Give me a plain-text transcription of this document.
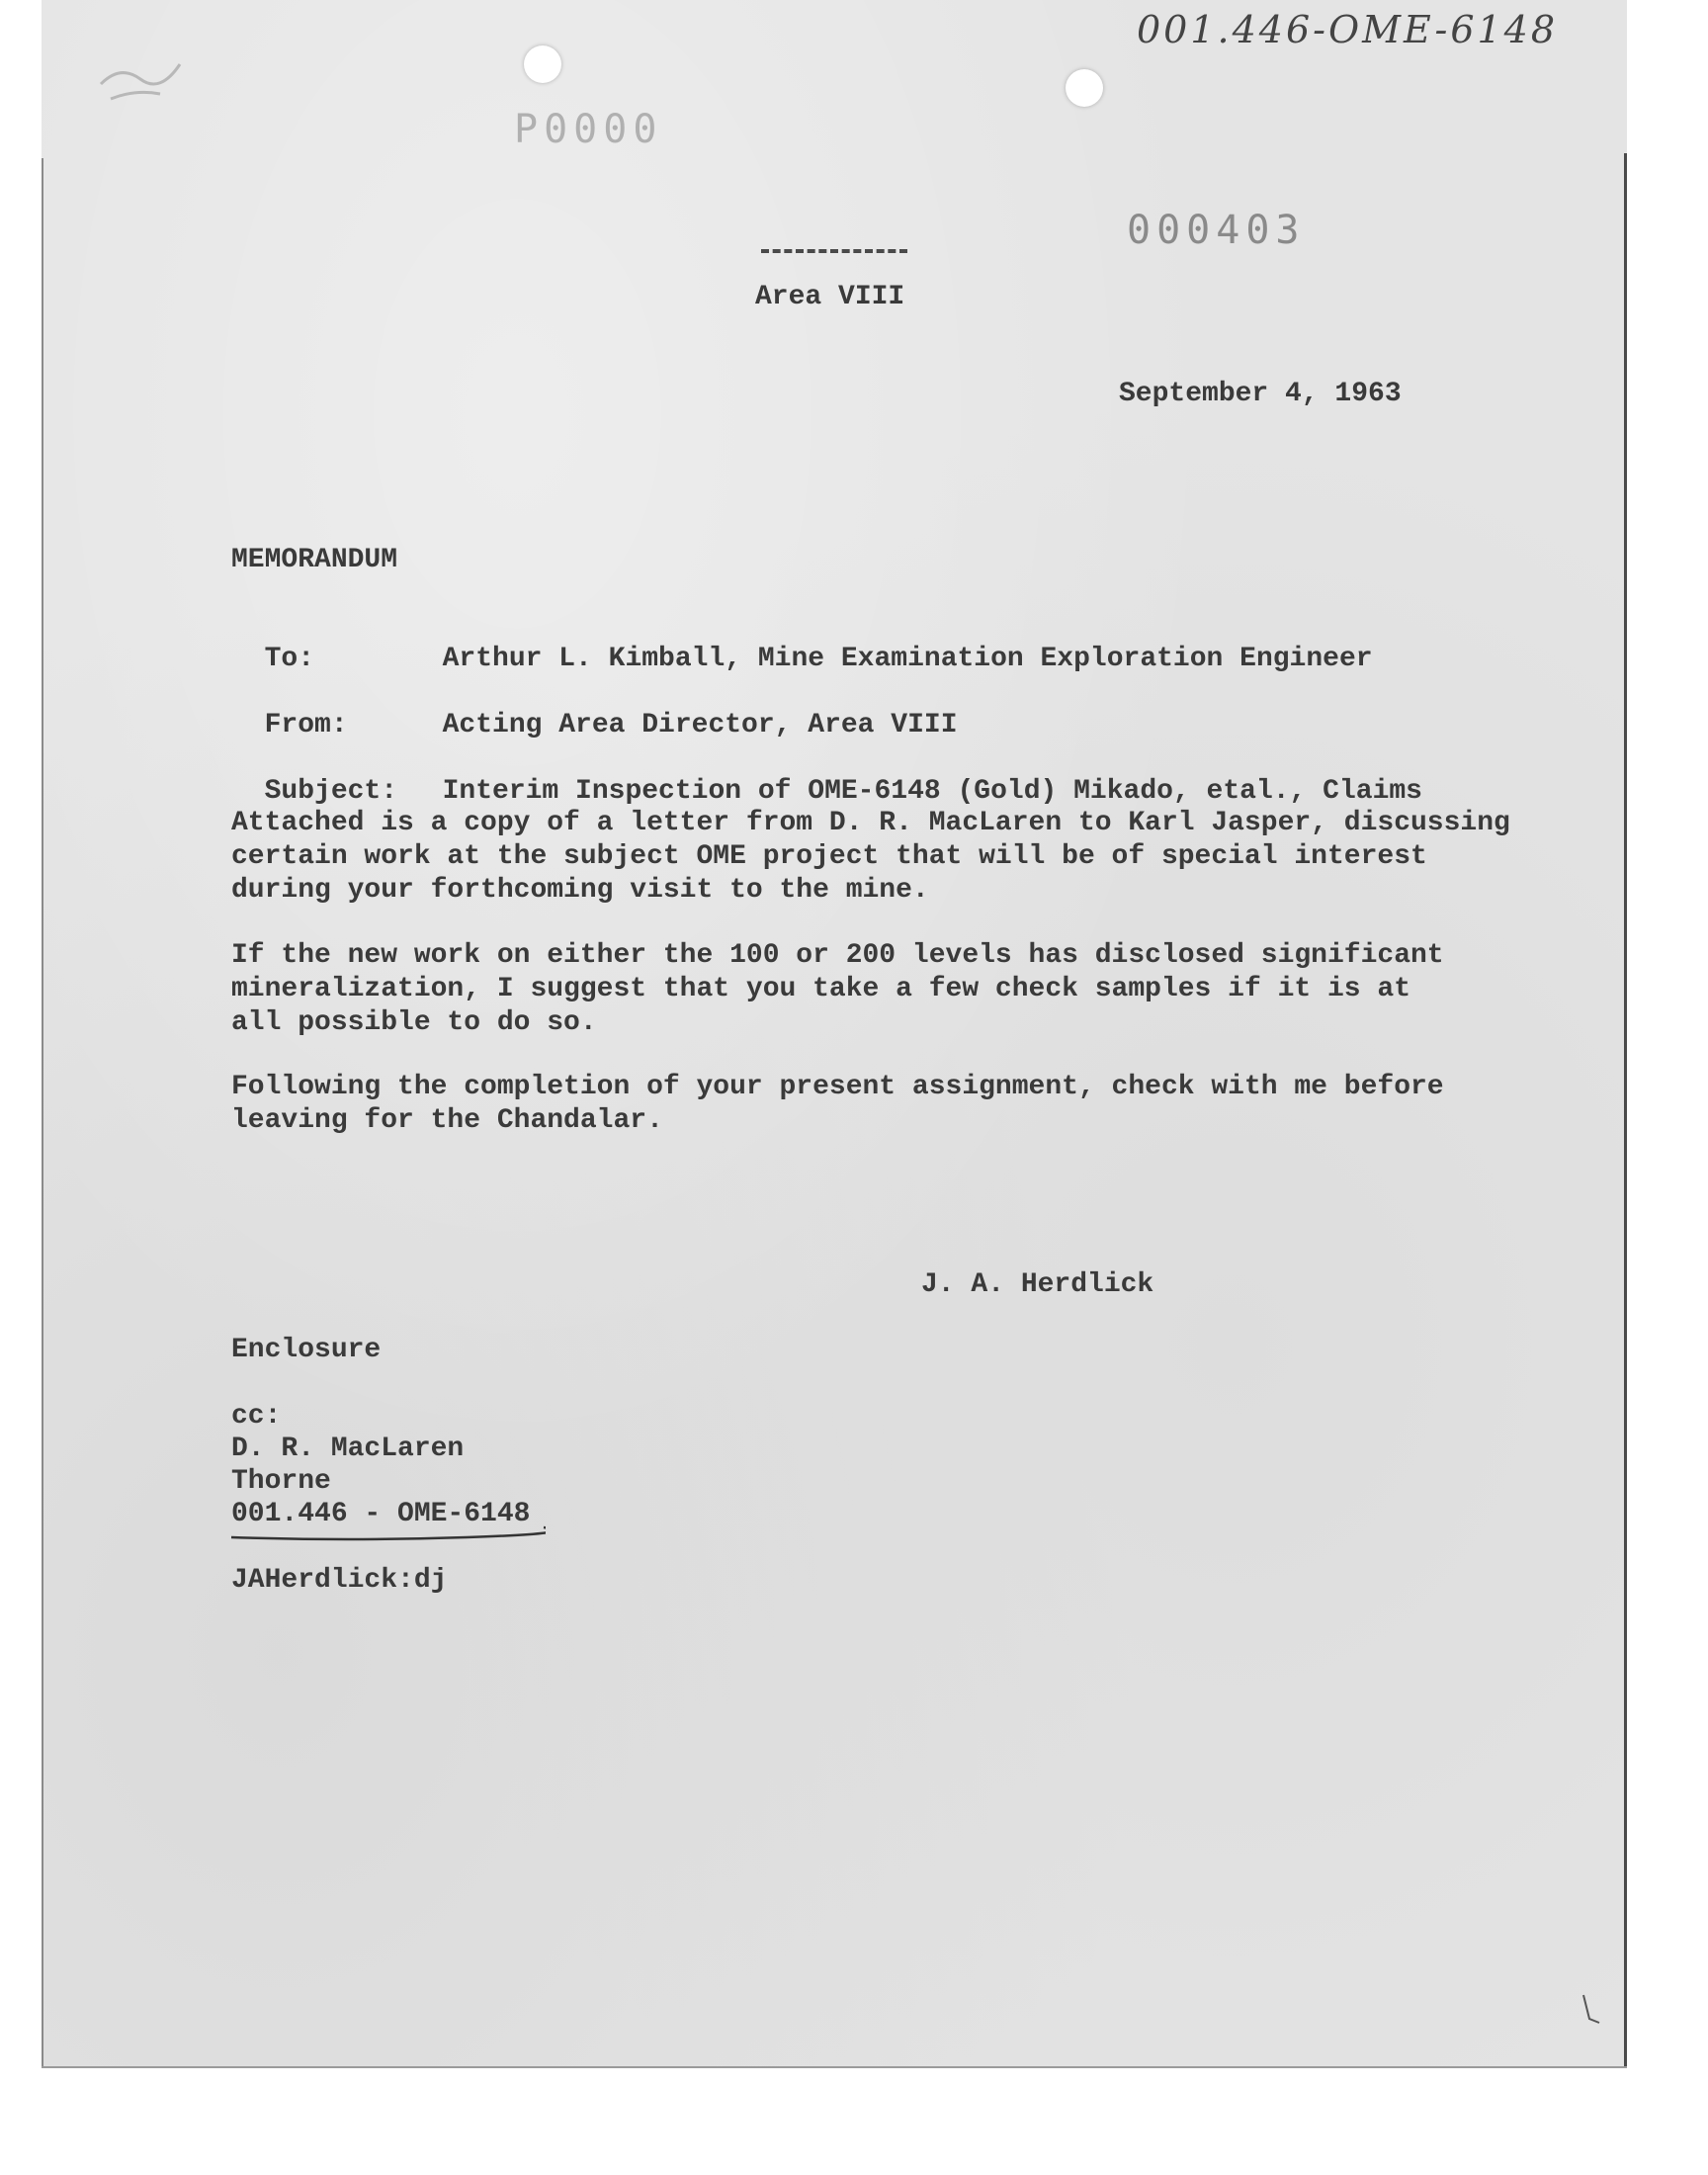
001.446-OME-6148
P0000
000403
Area VIII
September 4, 1963
MEMORANDUM

To:	Arthur L. Kimball, Mine Examination Exploration Engineer

From:	Acting Area Director, Area VIII

Subject: Interim Inspection of OME-6148 (Gold) Mikado, etal., Claims

Attached is a copy of a letter from D. R. MacLaren to Karl Jasper, discussing
certain work at the subject OME project that will be of special interest
during your forthcoming visit to the mine.
If the new work on either the 100 or 200 levels has disclosed significant
mineralization, I suggest that you take a few check samples if it is at
all possible to do so.
Following the completion of your present assignment, check with me before
leaving for the Chandalar.
J. A. Herdlick
Enclosure
cc:
D. R. MacLaren
Thorne
001.446 - OME-6148
JAHerdlick:dj
